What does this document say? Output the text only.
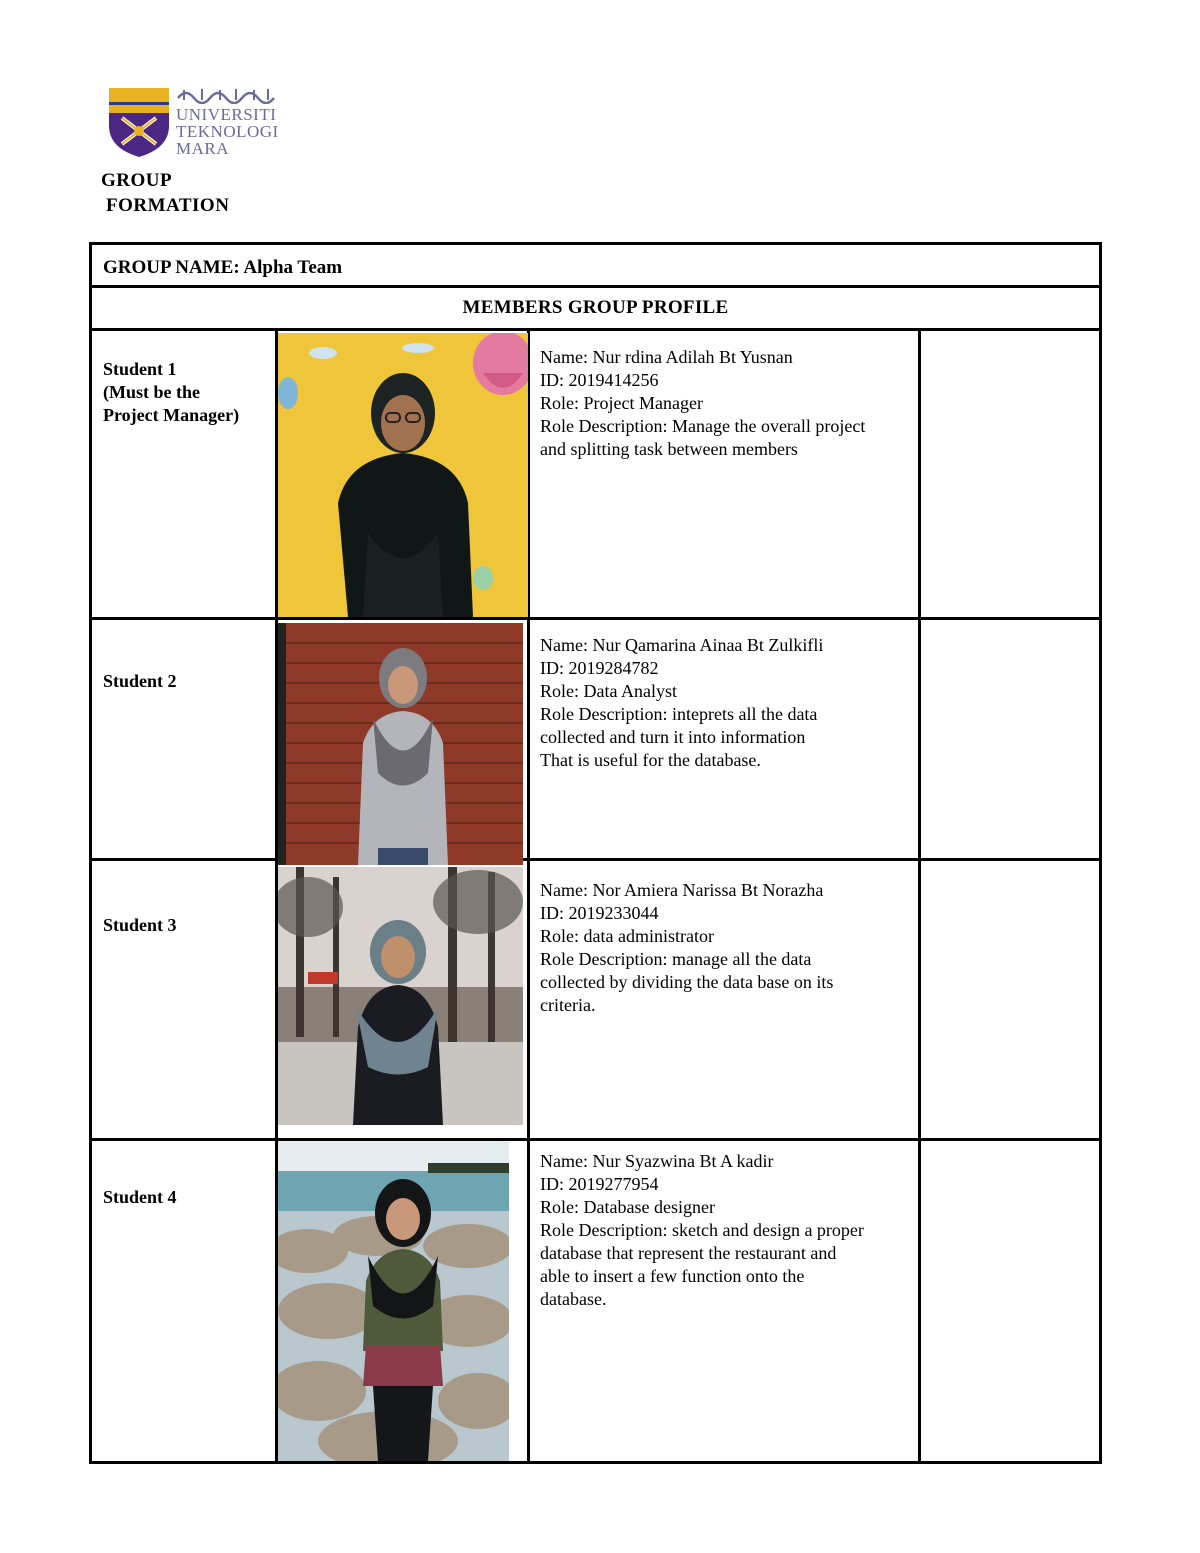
UNIVERSITI
TEKNOLOGI
MARA
GROUP
FORMATION
GROUP NAME: Alpha Team
MEMBERS GROUP PROFILE
Student 1
(Must be the
Project Manager)
Name: Nur rdina Adilah Bt Yusnan
ID: 2019414256
Role: Project Manager
Role Description: Manage the overall project
and splitting task between members
Student 2
Name: Nur Qamarina Ainaa Bt Zulkifli
ID: 2019284782
Role: Data Analyst
Role Description: inteprets all the data
collected and turn it into information
That is useful for the database.
Student 3
Name: Nor Amiera Narissa Bt Norazha
ID: 2019233044
Role: data administrator
Role Description: manage all the data
collected by dividing the data base on its
criteria.
Student 4
Name: Nur Syazwina Bt A kadir
ID: 2019277954
Role: Database designer
Role Description: sketch and design a proper
database that represent the restaurant and
able to insert a few function onto the
database.
